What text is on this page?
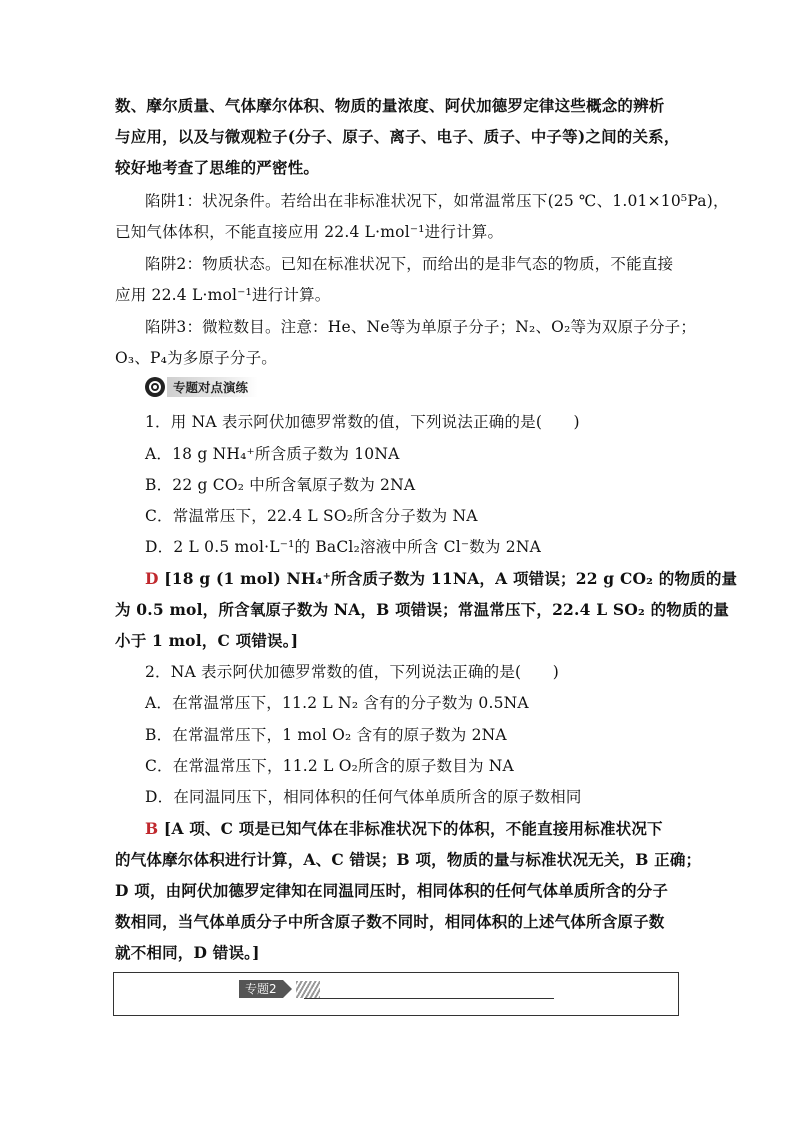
数、摩尔质量、气体摩尔体积、物质的量浓度、阿伏加德罗定律这些概念的辨析
与应用，以及与微观粒子(分子、原子、离子、电子、质子、中子等)之间的关系，
较好地考查了思维的严密性。
陷阱1：状况条件。若给出在非标准状况下，如常温常压下(25 ℃、1.01×10⁵Pa)，
已知气体体积，不能直接应用 22.4 L·mol⁻¹进行计算。
陷阱2：物质状态。已知在标准状况下，而给出的是非气态的物质，不能直接
应用 22.4 L·mol⁻¹进行计算。
陷阱3：微粒数目。注意：He、Ne等为单原子分子；N₂、O₂等为双原子分子；
O₃、P₄为多原子分子。
专题对点演练
1．用 NA 表示阿伏加德罗常数的值，下列说法正确的是(　　)
A．18 g NH₄⁺所含质子数为 10NA
B．22 g CO₂ 中所含氧原子数为 2NA
C．常温常压下，22.4 L SO₂所含分子数为 NA
D．2 L 0.5 mol·L⁻¹的 BaCl₂溶液中所含 Cl⁻数为 2NA
D [18 g (1 mol) NH₄⁺所含质子数为 11NA，A 项错误；22 g CO₂ 的物质的量
为 0.5 mol，所含氧原子数为 NA，B 项错误；常温常压下，22.4 L SO₂ 的物质的量
小于 1 mol，C 项错误。]
2．NA 表示阿伏加德罗常数的值，下列说法正确的是(　　)
A．在常温常压下，11.2 L N₂ 含有的分子数为 0.5NA
B．在常温常压下，1 mol O₂ 含有的原子数为 2NA
C．在常温常压下，11.2 L O₂所含的原子数目为 NA
D．在同温同压下，相同体积的任何气体单质所含的原子数相同
B [A 项、C 项是已知气体在非标准状况下的体积，不能直接用标准状况下
的气体摩尔体积进行计算，A、C 错误；B 项，物质的量与标准状况无关，B 正确；
D 项，由阿伏加德罗定律知在同温同压时，相同体积的任何气体单质所含的分子
数相同，当气体单质分子中所含原子数不同时，相同体积的上述气体所含原子数
就不相同，D 错误。]
专题2
